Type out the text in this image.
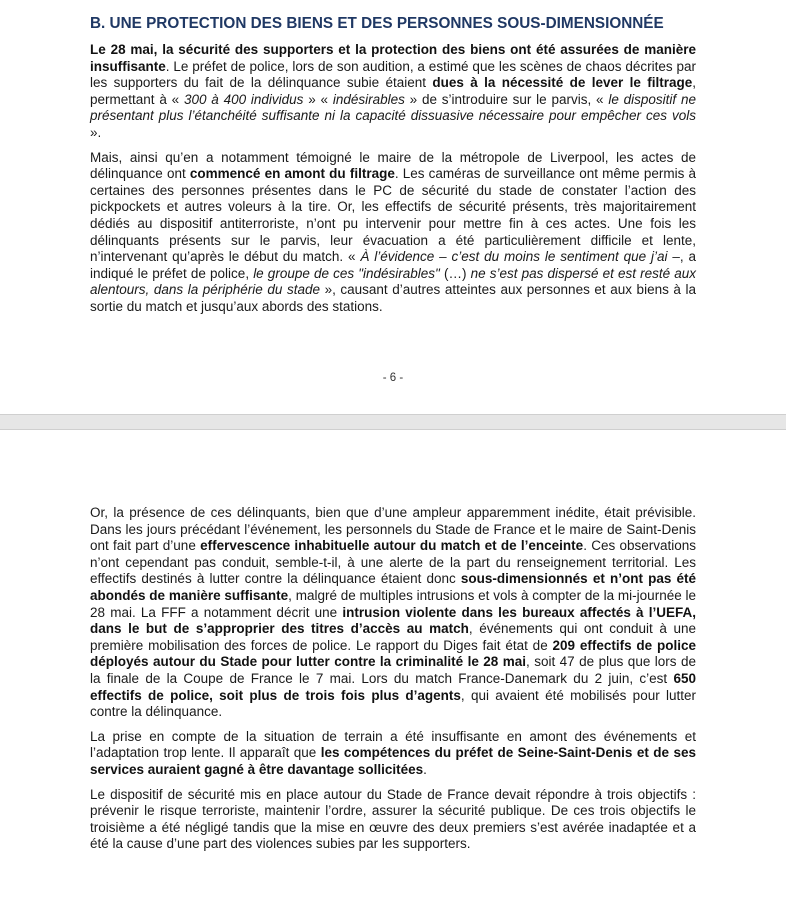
B. UNE PROTECTION DES BIENS ET DES PERSONNES SOUS-DIMENSIONNÉE

Le 28 mai, la sécurité des supporters et la protection des biens ont été assurées de manière insuffisante. Le préfet de police, lors de son audition, a estimé que les scènes de chaos décrites par les supporters du fait de la délinquance subie étaient dues à la nécessité de lever le filtrage, permettant à « 300 à 400 individus » « indésirables » de s’introduire sur le parvis, « le dispositif ne présentant plus l’étanchéité suffisante ni la capacité dissuasive nécessaire pour empêcher ces vols ».

Mais, ainsi qu’en a notamment témoigné le maire de la métropole de Liverpool, les actes de délinquance ont commencé en amont du filtrage. Les caméras de surveillance ont même permis à certaines des personnes présentes dans le PC de sécurité du stade de constater l’action des pickpockets et autres voleurs à la tire. Or, les effectifs de sécurité présents, très majoritairement dédiés au dispositif antiterroriste, n’ont pu intervenir pour mettre fin à ces actes. Une fois les délinquants présents sur le parvis, leur évacuation a été particulièrement difficile et lente, n’intervenant qu’après le début du match. « À l’évidence – c’est du moins le sentiment que j’ai –, a indiqué le préfet de police, le groupe de ces "indésirables" (…) ne s’est pas dispersé et est resté aux alentours, dans la périphérie du stade », causant d’autres atteintes aux personnes et aux biens à la sortie du match et jusqu’aux abords des stations.

- 6 -

Or, la présence de ces délinquants, bien que d’une ampleur apparemment inédite, était prévisible. Dans les jours précédant l’événement, les personnels du Stade de France et le maire de Saint-Denis ont fait part d’une effervescence inhabituelle autour du match et de l’enceinte. Ces observations n’ont cependant pas conduit, semble-t-il, à une alerte de la part du renseignement territorial. Les effectifs destinés à lutter contre la délinquance étaient donc sous-dimensionnés et n’ont pas été abondés de manière suffisante, malgré de multiples intrusions et vols à compter de la mi-journée le 28 mai. La FFF a notamment décrit une intrusion violente dans les bureaux affectés à l’UEFA, dans le but de s’approprier des titres d’accès au match, événements qui ont conduit à une première mobilisation des forces de police. Le rapport du Diges fait état de 209 effectifs de police déployés autour du Stade pour lutter contre la criminalité le 28 mai, soit 47 de plus que lors de la finale de la Coupe de France le 7 mai. Lors du match France-Danemark du 2 juin, c’est 650 effectifs de police, soit plus de trois fois plus d’agents, qui avaient été mobilisés pour lutter contre la délinquance.

La prise en compte de la situation de terrain a été insuffisante en amont des événements et l’adaptation trop lente. Il apparaît que les compétences du préfet de Seine-Saint-Denis et de ses services auraient gagné à être davantage sollicitées.

Le dispositif de sécurité mis en place autour du Stade de France devait répondre à trois objectifs : prévenir le risque terroriste, maintenir l’ordre, assurer la sécurité publique. De ces trois objectifs le troisième a été négligé tandis que la mise en œuvre des deux premiers s’est avérée inadaptée et a été la cause d’une part des violences subies par les supporters.
